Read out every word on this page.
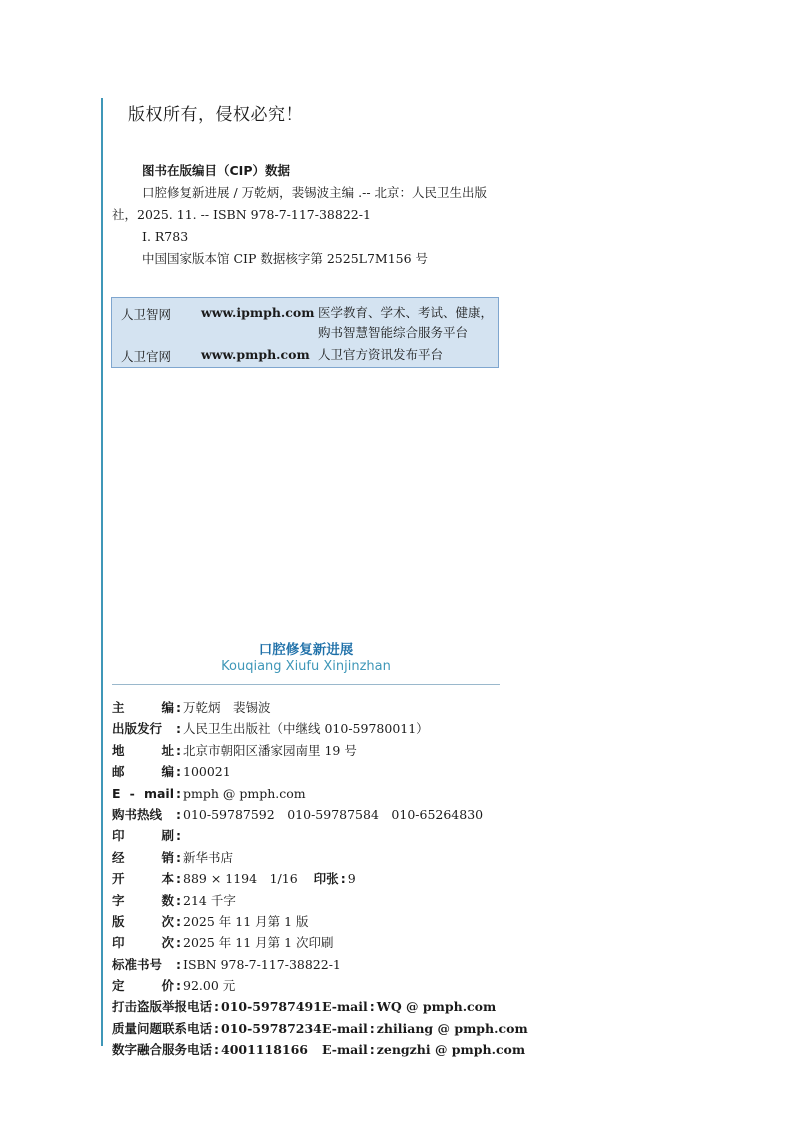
版权所有，侵权必究！
图书在版编目（CIP）数据
口腔修复新进展 / 万乾炳，裴锡波主编 .-- 北京：人民卫生出版社，2025. 11. -- ISBN 978-7-117-38822-1
Ⅰ. R783
中国国家版本馆 CIP 数据核字第 2525L7M156 号
人卫智网 www.ipmph.com 医学教育、学术、考试、健康，
购书智慧智能综合服务平台
人卫官网 www.pmph.com 人卫官方资讯发布平台
口腔修复新进展
Kouqiang Xiufu Xinjinzhan
主	编 : 万乾炳　裴锡波
出版发行	: 人民卫生出版社（中继线 010-59780011）
地	址 : 北京市朝阳区潘家园南里 19 号
邮	编 : 100021
E - mail : pmph @ pmph.com
购书热线	: 010-59787592　010-59787584　010-65264830
印	刷 :
经	销 : 新华书店
开	本 : 889 × 1194　1/16 印张 : 9
字	数 : 214 千字
版	次 : 2025 年 11 月第 1 版
印	次 : 2025 年 11 月第 1 次印刷
标准书号	: ISBN 978-7-117-38822-1
定	价 : 92.00 元
打击盗版举报电话 : 010-59787491 E-mail : WQ @ pmph.com
质量问题联系电话 : 010-59787234 E-mail : zhiliang @ pmph.com
数字融合服务电话 : 4001118166 E-mail : zengzhi @ pmph.com
